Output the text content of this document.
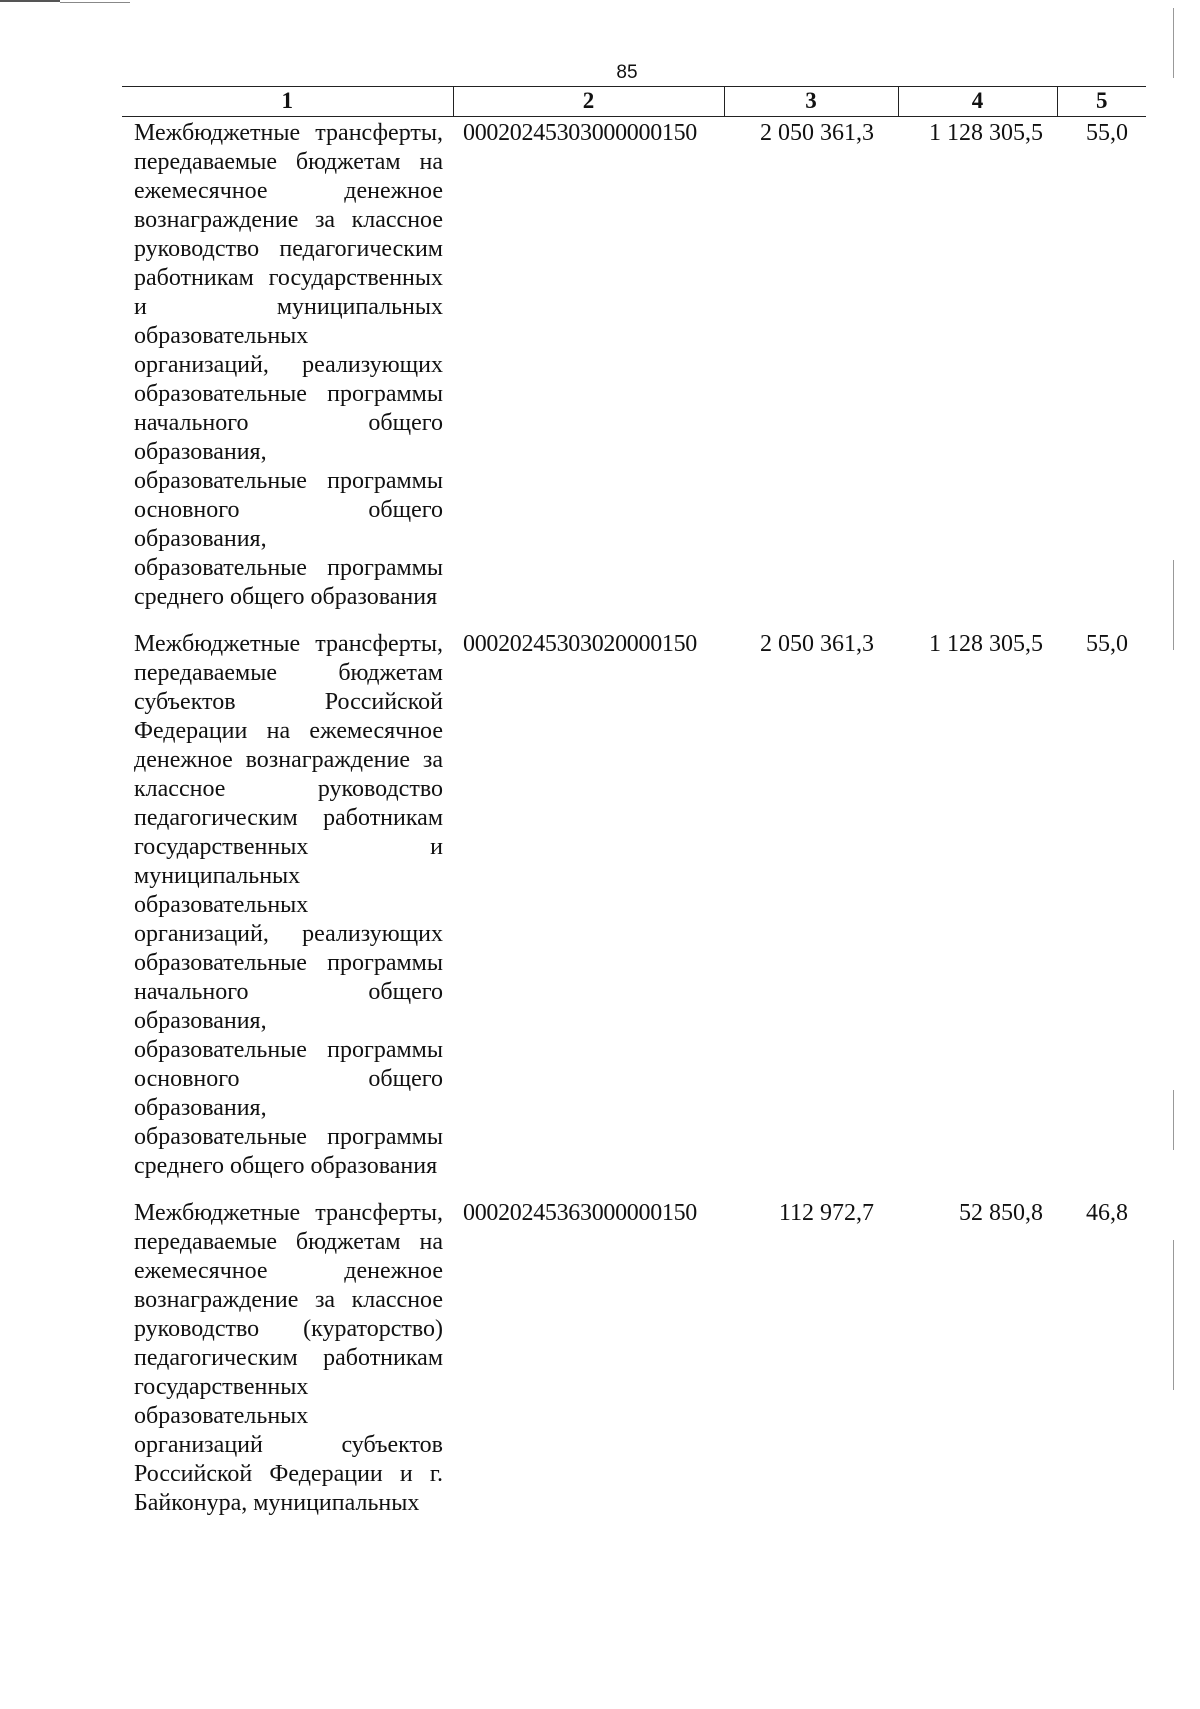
85
1	2	3	4	5
Межбюджетные трансферты, передаваемые бюджетам на ежемесячное денежное вознаграждение за классное руководство педагогическим работникам государственных и муниципальных образовательных организаций, реализующих образовательные программы начального общего образования, образовательные программы основного общего образования, образовательные программы среднего общего образования	00020245303000000150	2 050 361,3	1 128 305,5	55,0
Межбюджетные трансферты, передаваемые бюджетам субъектов Российской Федерации на ежемесячное денежное вознаграждение за классное руководство педагогическим работникам государственных и муниципальных образовательных организаций, реализующих образовательные программы начального общего образования, образовательные программы основного общего образования, образовательные программы среднего общего образования	00020245303020000150	2 050 361,3	1 128 305,5	55,0
Межбюджетные трансферты, передаваемые бюджетам на ежемесячное денежное вознаграждение за классное руководство (кураторство) педагогическим работникам государственных образовательных организаций субъектов Российской Федерации и г. Байконура, муниципальных	00020245363000000150	112 972,7	52 850,8	46,8
